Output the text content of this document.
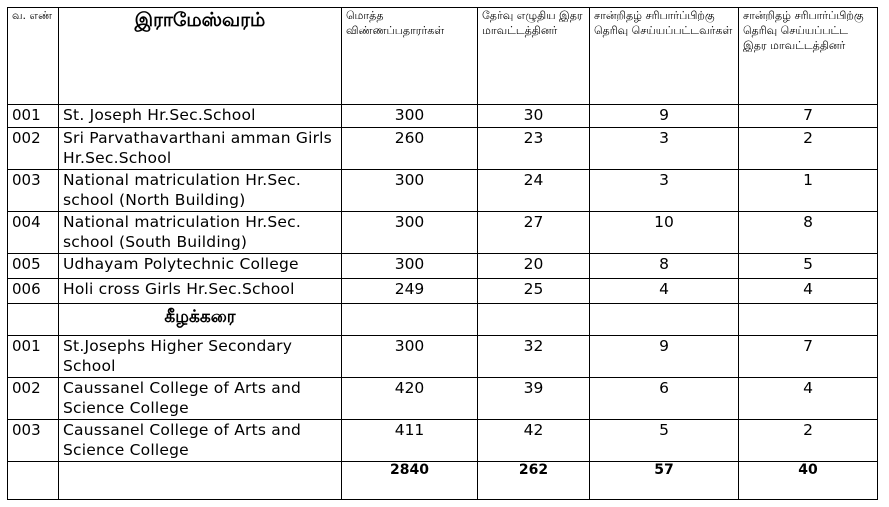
வ. எண்	இராமேஸ்வரம்	மொத்த விண்ணப்பதாரர்கள்	தேர்வு எழுதிய இதர மாவட்டத்தினர்	சான்றிதழ் சரிபார்ப்பிற்கு தெரிவு செய்யப்பட்டவர்கள்	சான்றிதழ் சரிபார்ப்பிற்கு தெரிவு செய்யப்பட்ட இதர மாவட்டத்தினர்
001	St. Joseph Hr.Sec.School	300	30	9	7
002	Sri Parvathavarthani amman Girls Hr.Sec.School	260	23	3	2
003	National matriculation Hr.Sec. school (North Building)	300	24	3	1
004	National matriculation Hr.Sec. school (South Building)	300	27	10	8
005	Udhayam Polytechnic College	300	20	8	5
006	Holi cross Girls Hr.Sec.School	249	25	4	4
	கீழக்கரை				
001	St.Josephs Higher Secondary School	300	32	9	7
002	Caussanel College of Arts and Science College	420	39	6	4
003	Caussanel College of Arts and Science College	411	42	5	2
		2840	262	57	40
